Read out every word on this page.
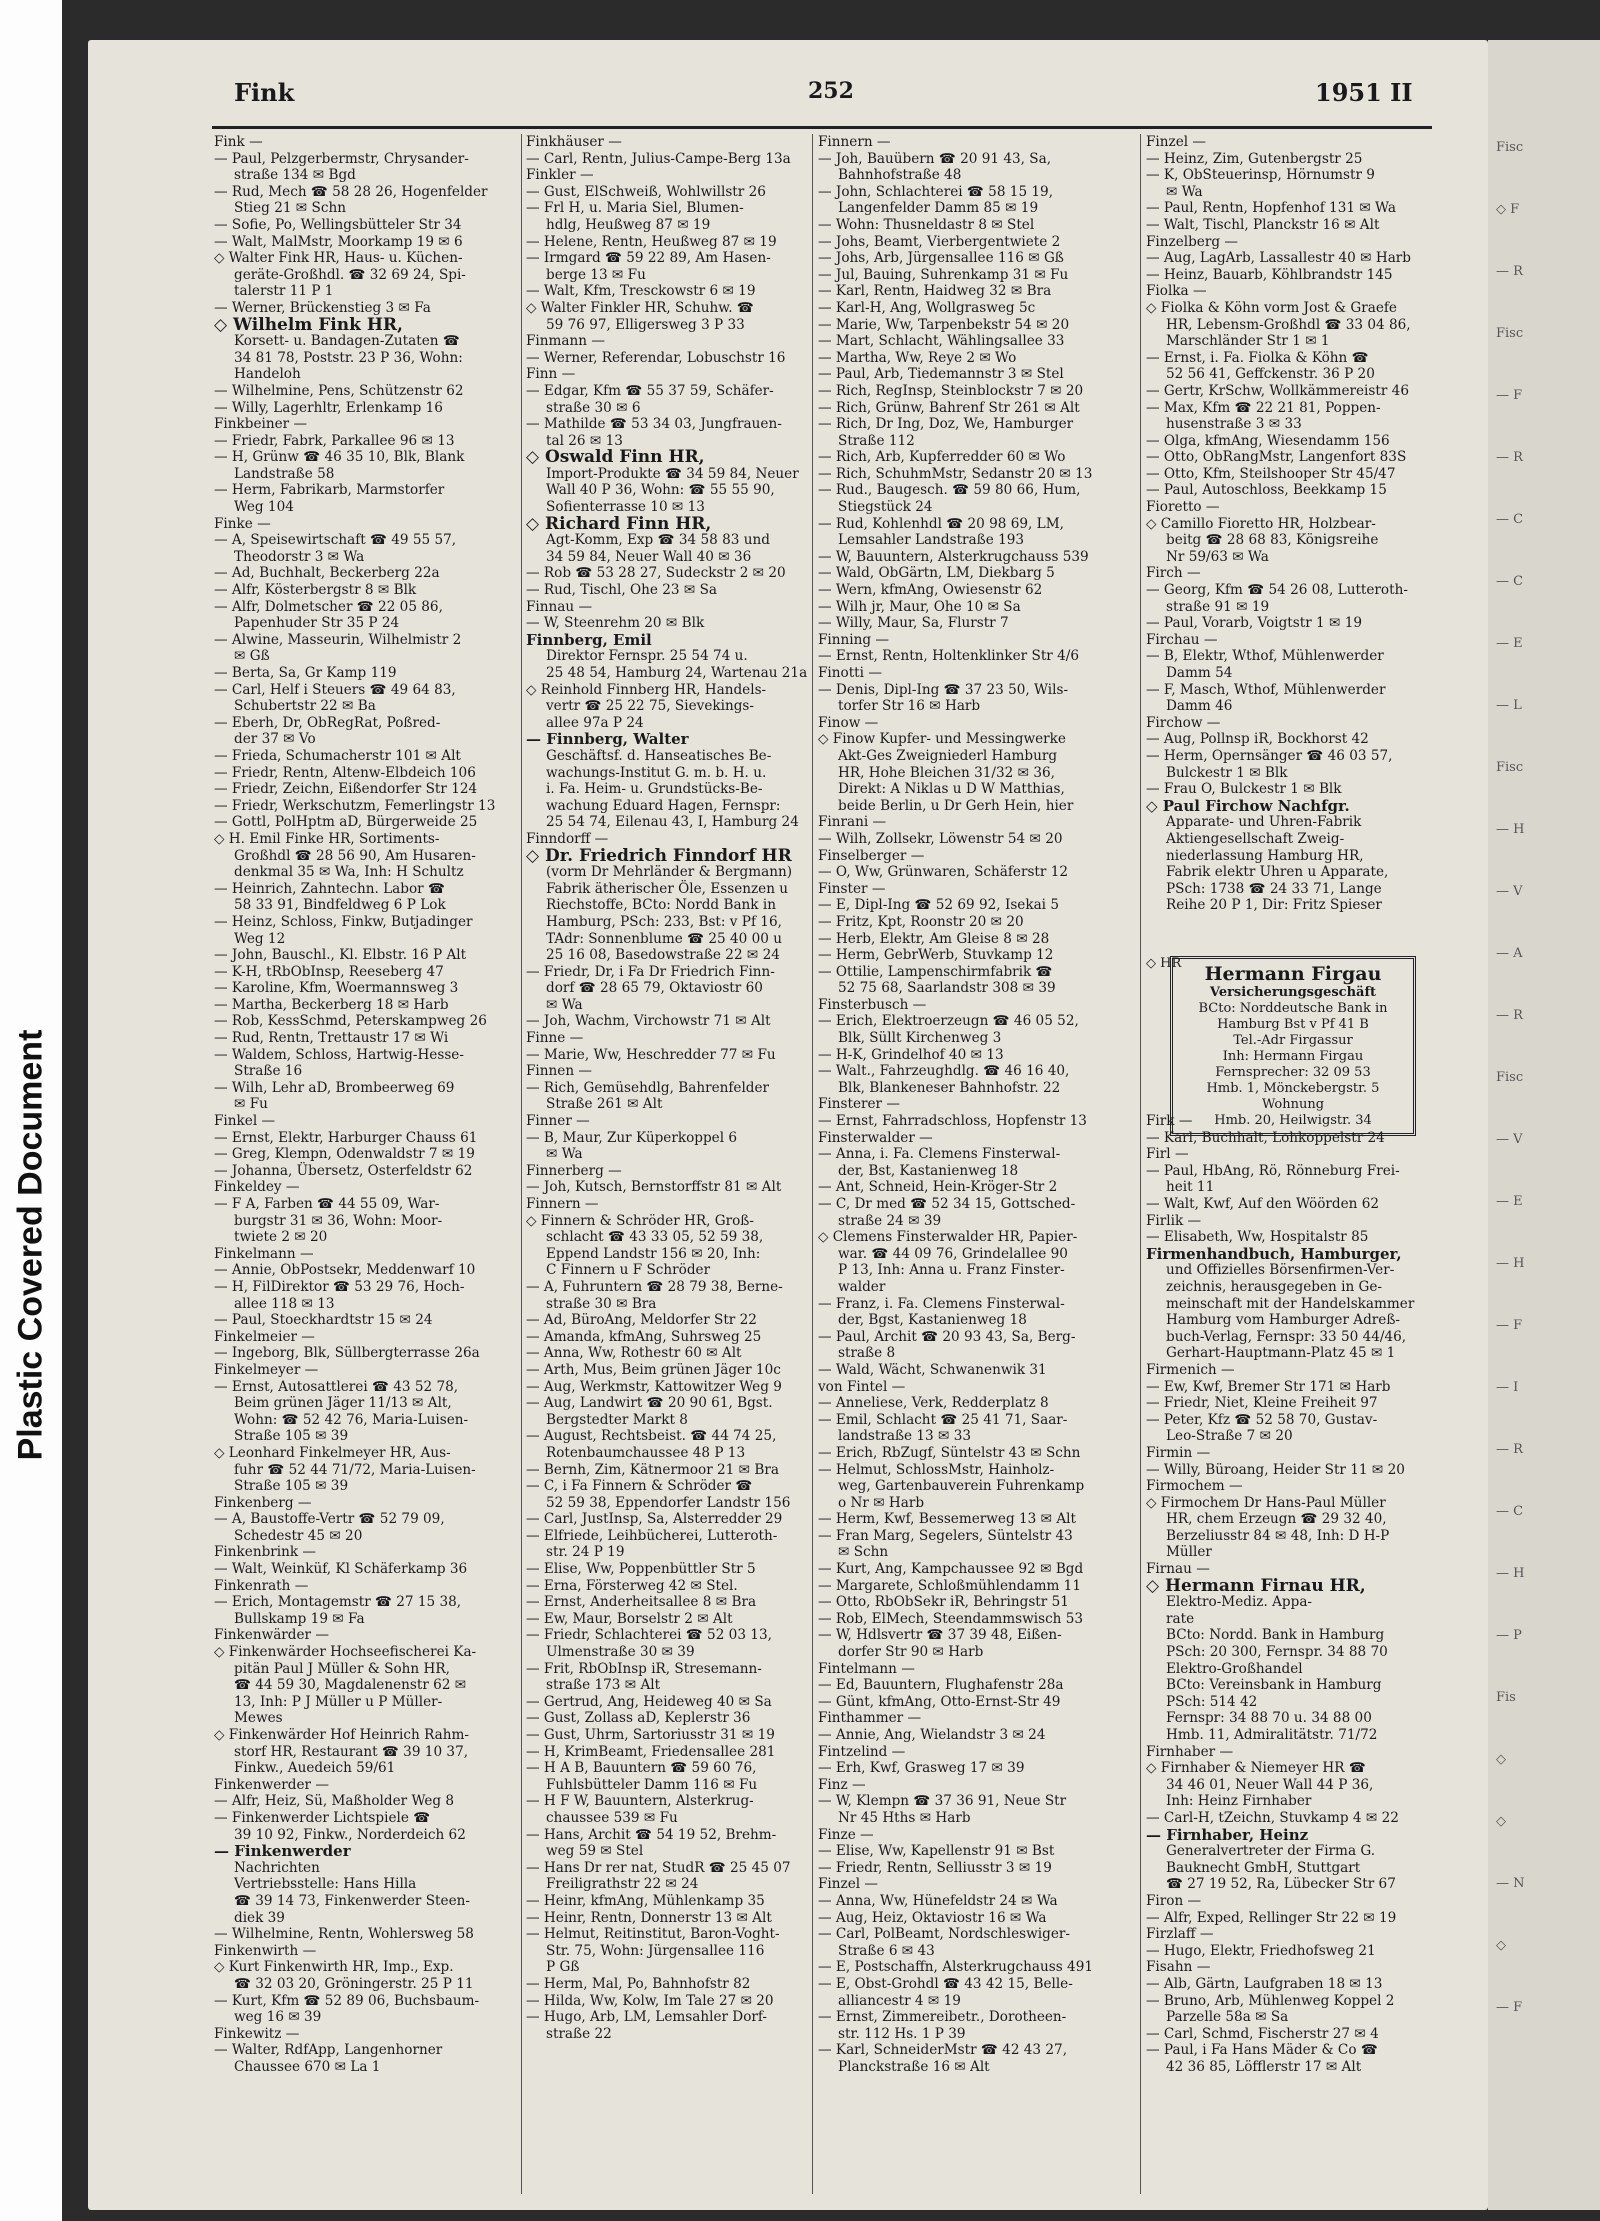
Plastic Covered Document
Fisc
◇ F
— R
Fisc
— F
— R
— C
— C
— E
— L
Fisc
— H
— V
— A
— R
Fisc
— V
— E
— H
— F
— I
— R
— C
— H
— P
Fis
◇
◇
— N
◇
— F
Fink	252	1951 II
Fink —
— Paul, Pelzgerbermstr, Chrysander-
straße 134 ✉ Bgd
— Rud, Mech ☎ 58 28 26, Hogenfelder
Stieg 21 ✉ Schn
— Sofie, Po, Wellingsbütteler Str 34
— Walt, MalMstr, Moorkamp 19 ✉ 6
◇ Walter Fink HR, Haus- u. Küchen-
geräte-Großhdl. ☎ 32 69 24, Spi-
talerstr 11 P 1
— Werner, Brückenstieg 3 ✉ Fa
◇ Wilhelm Fink HR,
Korsett- u. Bandagen-Zutaten ☎
34 81 78, Poststr. 23 P 36, Wohn:
Handeloh
— Wilhelmine, Pens, Schützenstr 62
— Willy, Lagerhltr, Erlenkamp 16
Finkbeiner —
— Friedr, Fabrk, Parkallee 96 ✉ 13
— H, Grünw ☎ 46 35 10, Blk, Blank
Landstraße 58
— Herm, Fabrikarb, Marmstorfer
Weg 104
Finke —
— A, Speisewirtschaft ☎ 49 55 57,
Theodorstr 3 ✉ Wa
— Ad, Buchhalt, Beckerberg 22a
— Alfr, Kösterbergstr 8 ✉ Blk
— Alfr, Dolmetscher ☎ 22 05 86,
Papenhuder Str 35 P 24
— Alwine, Masseurin, Wilhelmistr 2
✉ Gß
— Berta, Sa, Gr Kamp 119
— Carl, Helf i Steuers ☎ 49 64 83,
Schubertstr 22 ✉ Ba
— Eberh, Dr, ObRegRat, Poßred-
der 37 ✉ Vo
— Frieda, Schumacherstr 101 ✉ Alt
— Friedr, Rentn, Altenw-Elbdeich 106
— Friedr, Zeichn, Eißendorfer Str 124
— Friedr, Werkschutzm, Femerlingstr 13
— Gottl, PolHptm aD, Bürgerweide 25
◇ H. Emil Finke HR, Sortiments-
Großhdl ☎ 28 56 90, Am Husaren-
denkmal 35 ✉ Wa, Inh: H Schultz
— Heinrich, Zahntechn. Labor ☎
58 33 91, Bindfeldweg 6 P Lok
— Heinz, Schloss, Finkw, Butjadinger
Weg 12
— John, Bauschl., Kl. Elbstr. 16 P Alt
— K-H, tRbObInsp, Reeseberg 47
— Karoline, Kfm, Woermannsweg 3
— Martha, Beckerberg 18 ✉ Harb
— Rob, KessSchmd, Peterskampweg 26
— Rud, Rentn, Trettaustr 17 ✉ Wi
— Waldem, Schloss, Hartwig-Hesse-
Straße 16
— Wilh, Lehr aD, Brombeerweg 69
✉ Fu
Finkel —
— Ernst, Elektr, Harburger Chauss 61
— Greg, Klempn, Odenwaldstr 7 ✉ 19
— Johanna, Übersetz, Osterfeldstr 62
Finkeldey —
— F A, Farben ☎ 44 55 09, War-
burgstr 31 ✉ 36, Wohn: Moor-
twiete 2 ✉ 20
Finkelmann —
— Annie, ObPostsekr, Meddenwarf 10
— H, FilDirektor ☎ 53 29 76, Hoch-
allee 118 ✉ 13
— Paul, Stoeckhardtstr 15 ✉ 24
Finkelmeier —
— Ingeborg, Blk, Süllbergterrasse 26a
Finkelmeyer —
— Ernst, Autosattlerei ☎ 43 52 78,
Beim grünen Jäger 11/13 ✉ Alt,
Wohn: ☎ 52 42 76, Maria-Luisen-
Straße 105 ✉ 39
◇ Leonhard Finkelmeyer HR, Aus-
fuhr ☎ 52 44 71/72, Maria-Luisen-
Straße 105 ✉ 39
Finkenberg —
— A, Baustoffe-Vertr ☎ 52 79 09,
Schedestr 45 ✉ 20
Finkenbrink —
— Walt, Weinküf, Kl Schäferkamp 36
Finkenrath —
— Erich, Montagemstr ☎ 27 15 38,
Bullskamp 19 ✉ Fa
Finkenwärder —
◇ Finkenwärder Hochseefischerei Ka-
pitän Paul J Müller & Sohn HR,
☎ 44 59 30, Magdalenenstr 62 ✉
13, Inh: P J Müller u P Müller-
Mewes
◇ Finkenwärder Hof Heinrich Rahm-
storf HR, Restaurant ☎ 39 10 37,
Finkw., Auedeich 59/61
Finkenwerder —
— Alfr, Heiz, Sü, Maßholder Weg 8
— Finkenwerder Lichtspiele ☎
39 10 92, Finkw., Norderdeich 62
— Finkenwerder
Nachrichten
Vertriebsstelle: Hans Hilla
☎ 39 14 73, Finkenwerder Steen-
diek 39
— Wilhelmine, Rentn, Wohlersweg 58
Finkenwirth —
◇ Kurt Finkenwirth HR, Imp., Exp.
☎ 32 03 20, Gröningerstr. 25 P 11
— Kurt, Kfm ☎ 52 89 06, Buchsbaum-
weg 16 ✉ 39
Finkewitz —
— Walter, RdfApp, Langenhorner
Chaussee 670 ✉ La 1
Finkhäuser —
— Carl, Rentn, Julius-Campe-Berg 13a
Finkler —
— Gust, ElSchweiß, Wohlwillstr 26
— Frl H, u. Maria Siel, Blumen-
hdlg, Heußweg 87 ✉ 19
— Helene, Rentn, Heußweg 87 ✉ 19
— Irmgard ☎ 59 22 89, Am Hasen-
berge 13 ✉ Fu
— Walt, Kfm, Tresckowstr 6 ✉ 19
◇ Walter Finkler HR, Schuhw. ☎
59 76 97, Elligersweg 3 P 33
Finmann —
— Werner, Referendar, Lobuschstr 16
Finn —
— Edgar, Kfm ☎ 55 37 59, Schäfer-
straße 30 ✉ 6
— Mathilde ☎ 53 34 03, Jungfrauen-
tal 26 ✉ 13
◇ Oswald Finn HR,
Import-Produkte ☎ 34 59 84, Neuer
Wall 40 P 36, Wohn: ☎ 55 55 90,
Sofienterrasse 10 ✉ 13
◇ Richard Finn HR,
Agt-Komm, Exp ☎ 34 58 83 und
34 59 84, Neuer Wall 40 ✉ 36
— Rob ☎ 53 28 27, Sudeckstr 2 ✉ 20
— Rud, Tischl, Ohe 23 ✉ Sa
Finnau —
— W, Steenrehm 20 ✉ Blk
Finnberg, Emil
Direktor Fernspr. 25 54 74 u.
25 48 54, Hamburg 24, Wartenau 21a
◇ Reinhold Finnberg HR, Handels-
vertr ☎ 25 22 75, Sievekings-
allee 97a P 24
— Finnberg, Walter
Geschäftsf. d. Hanseatisches Be-
wachungs-Institut G. m. b. H. u.
i. Fa. Heim- u. Grundstücks-Be-
wachung Eduard Hagen, Fernspr:
25 54 74, Eilenau 43, I, Hamburg 24
Finndorff —
◇ Dr. Friedrich Finndorf HR
(vorm Dr Mehrländer & Bergmann)
Fabrik ätherischer Öle, Essenzen u
Riechstoffe, BCto: Nordd Bank in
Hamburg, PSch: 233, Bst: v Pf 16,
TAdr: Sonnenblume ☎ 25 40 00 u
25 16 08, Basedowstraße 22 ✉ 24
— Friedr, Dr, i Fa Dr Friedrich Finn-
dorf ☎ 28 65 79, Oktaviostr 60
✉ Wa
— Joh, Wachm, Virchowstr 71 ✉ Alt
Finne —
— Marie, Ww, Heschredder 77 ✉ Fu
Finnen —
— Rich, Gemüsehdlg, Bahrenfelder
Straße 261 ✉ Alt
Finner —
— B, Maur, Zur Küperkoppel 6
✉ Wa
Finnerberg —
— Joh, Kutsch, Bernstorffstr 81 ✉ Alt
Finnern —
◇ Finnern & Schröder HR, Groß-
schlacht ☎ 43 33 05, 52 59 38,
Eppend Landstr 156 ✉ 20, Inh:
C Finnern u F Schröder
— A, Fuhruntern ☎ 28 79 38, Berne-
straße 30 ✉ Bra
— Ad, BüroAng, Meldorfer Str 22
— Amanda, kfmAng, Suhrsweg 25
— Anna, Ww, Rothestr 60 ✉ Alt
— Arth, Mus, Beim grünen Jäger 10c
— Aug, Werkmstr, Kattowitzer Weg 9
— Aug, Landwirt ☎ 20 90 61, Bgst.
Bergstedter Markt 8
— August, Rechtsbeist. ☎ 44 74 25,
Rotenbaumchaussee 48 P 13
— Bernh, Zim, Kätnermoor 21 ✉ Bra
— C, i Fa Finnern & Schröder ☎
52 59 38, Eppendorfer Landstr 156
— Carl, JustInsp, Sa, Alsterredder 29
— Elfriede, Leihbücherei, Lutteroth-
str. 24 P 19
— Elise, Ww, Poppenbüttler Str 5
— Erna, Försterweg 42 ✉ Stel.
— Ernst, Anderheitsallee 8 ✉ Bra
— Ew, Maur, Borselstr 2 ✉ Alt
— Friedr, Schlachterei ☎ 52 03 13,
Ulmenstraße 30 ✉ 39
— Frit, RbObInsp iR, Stresemann-
straße 173 ✉ Alt
— Gertrud, Ang, Heideweg 40 ✉ Sa
— Gust, Zollass aD, Keplerstr 36
— Gust, Uhrm, Sartoriusstr 31 ✉ 19
— H, KrimBeamt, Friedensallee 281
— H A B, Bauuntern ☎ 59 60 76,
Fuhlsbütteler Damm 116 ✉ Fu
— H F W, Bauuntern, Alsterkrug-
chaussee 539 ✉ Fu
— Hans, Archit ☎ 54 19 52, Brehm-
weg 59 ✉ Stel
— Hans Dr rer nat, StudR ☎ 25 45 07
Freiligrathstr 22 ✉ 24
— Heinr, kfmAng, Mühlenkamp 35
— Heinr, Rentn, Donnerstr 13 ✉ Alt
— Helmut, Reitinstitut, Baron-Voght-
Str. 75, Wohn: Jürgensallee 116
P Gß
— Herm, Mal, Po, Bahnhofstr 82
— Hilda, Ww, Kolw, Im Tale 27 ✉ 20
— Hugo, Arb, LM, Lemsahler Dorf-
straße 22
Finnern —
— Joh, Bauübern ☎ 20 91 43, Sa,
Bahnhofstraße 48
— John, Schlachterei ☎ 58 15 19,
Langenfelder Damm 85 ✉ 19
— Wohn: Thusneldastr 8 ✉ Stel
— Johs, Beamt, Vierbergentwiete 2
— Johs, Arb, Jürgensallee 116 ✉ Gß
— Jul, Bauing, Suhrenkamp 31 ✉ Fu
— Karl, Rentn, Haidweg 32 ✉ Bra
— Karl-H, Ang, Wollgrasweg 5c
— Marie, Ww, Tarpenbekstr 54 ✉ 20
— Mart, Schlacht, Wählingsallee 33
— Martha, Ww, Reye 2 ✉ Wo
— Paul, Arb, Tiedemannstr 3 ✉ Stel
— Rich, RegInsp, Steinblockstr 7 ✉ 20
— Rich, Grünw, Bahrenf Str 261 ✉ Alt
— Rich, Dr Ing, Doz, We, Hamburger
Straße 112
— Rich, Arb, Kupferredder 60 ✉ Wo
— Rich, SchuhmMstr, Sedanstr 20 ✉ 13
— Rud., Baugesch. ☎ 59 80 66, Hum,
Stiegstück 24
— Rud, Kohlenhdl ☎ 20 98 69, LM,
Lemsahler Landstraße 193
— W, Bauuntern, Alsterkrugchauss 539
— Wald, ObGärtn, LM, Diekbarg 5
— Wern, kfmAng, Owiesenstr 62
— Wilh jr, Maur, Ohe 10 ✉ Sa
— Willy, Maur, Sa, Flurstr 7
Finning —
— Ernst, Rentn, Holtenklinker Str 4/6
Finotti —
— Denis, Dipl-Ing ☎ 37 23 50, Wils-
torfer Str 16 ✉ Harb
Finow —
◇ Finow Kupfer- und Messingwerke
Akt-Ges Zweigniederl Hamburg
HR, Hohe Bleichen 31/32 ✉ 36,
Direkt: A Niklas u D W Matthias,
beide Berlin, u Dr Gerh Hein, hier
Finrani —
— Wilh, Zollsekr, Löwenstr 54 ✉ 20
Finselberger —
— O, Ww, Grünwaren, Schäferstr 12
Finster —
— E, Dipl-Ing ☎ 52 69 92, Isekai 5
— Fritz, Kpt, Roonstr 20 ✉ 20
— Herb, Elektr, Am Gleise 8 ✉ 28
— Herm, GebrWerb, Stuvkamp 12
— Ottilie, Lampenschirmfabrik ☎
52 75 68, Saarlandstr 308 ✉ 39
Finsterbusch —
— Erich, Elektroerzeugn ☎ 46 05 52,
Blk, Süllt Kirchenweg 3
— H-K, Grindelhof 40 ✉ 13
— Walt., Fahrzeughdlg. ☎ 46 16 40,
Blk, Blankeneser Bahnhofstr. 22
Finsterer —
— Ernst, Fahrradschloss, Hopfenstr 13
Finsterwalder —
— Anna, i. Fa. Clemens Finsterwal-
der, Bst, Kastanienweg 18
— Ant, Schneid, Hein-Kröger-Str 2
— C, Dr med ☎ 52 34 15, Gottsched-
straße 24 ✉ 39
◇ Clemens Finsterwalder HR, Papier-
war. ☎ 44 09 76, Grindelallee 90
P 13, Inh: Anna u. Franz Finster-
walder
— Franz, i. Fa. Clemens Finsterwal-
der, Bgst, Kastanienweg 18
— Paul, Archit ☎ 20 93 43, Sa, Berg-
straße 8
— Wald, Wächt, Schwanenwik 31
von Fintel —
— Anneliese, Verk, Redderplatz 8
— Emil, Schlacht ☎ 25 41 71, Saar-
landstraße 13 ✉ 33
— Erich, RbZugf, Süntelstr 43 ✉ Schn
— Helmut, SchlossMstr, Hainholz-
weg, Gartenbauverein Fuhrenkamp
o Nr ✉ Harb
— Herm, Kwf, Bessemerweg 13 ✉ Alt
— Fran Marg, Segelers, Süntelstr 43
✉ Schn
— Kurt, Ang, Kampchaussee 92 ✉ Bgd
— Margarete, Schloßmühlendamm 11
— Otto, RbObSekr iR, Behringstr 51
— Rob, ElMech, Steendammswisch 53
— W, Hdlsvertr ☎ 37 39 48, Eißen-
dorfer Str 90 ✉ Harb
Fintelmann —
— Ed, Bauuntern, Flughafenstr 28a
— Günt, kfmAng, Otto-Ernst-Str 49
Finthammer —
— Annie, Ang, Wielandstr 3 ✉ 24
Fintzelind —
— Erh, Kwf, Grasweg 17 ✉ 39
Finz —
— W, Klempn ☎ 37 36 91, Neue Str
Nr 45 Hths ✉ Harb
Finze —
— Elise, Ww, Kapellenstr 91 ✉ Bst
— Friedr, Rentn, Selliusstr 3 ✉ 19
Finzel —
— Anna, Ww, Hünefeldstr 24 ✉ Wa
— Aug, Heiz, Oktaviostr 16 ✉ Wa
— Carl, PolBeamt, Nordschleswiger-
Straße 6 ✉ 43
— E, Postschaffn, Alsterkrugchauss 491
— E, Obst-Grohdl ☎ 43 42 15, Belle-
alliancestr 4 ✉ 19
— Ernst, Zimmereibetr., Dorotheen-
str. 112 Hs. 1 P 39
— Karl, SchneiderMstr ☎ 42 43 27,
Planckstraße 16 ✉ Alt
Finzel —
— Heinz, Zim, Gutenbergstr 25
— K, ObSteuerinsp, Hörnumstr 9
✉ Wa
— Paul, Rentn, Hopfenhof 131 ✉ Wa
— Walt, Tischl, Planckstr 16 ✉ Alt
Finzelberg —
— Aug, LagArb, Lassallestr 40 ✉ Harb
— Heinz, Bauarb, Köhlbrandstr 145
Fiolka —
◇ Fiolka & Köhn vorm Jost & Graefe
HR, Lebensm-Großhdl ☎ 33 04 86,
Marschländer Str 1 ✉ 1
— Ernst, i. Fa. Fiolka & Köhn ☎
52 56 41, Geffckenstr. 36 P 20
— Gertr, KrSchw, Wollkämmereistr 46
— Max, Kfm ☎ 22 21 81, Poppen-
husenstraße 3 ✉ 33
— Olga, kfmAng, Wiesendamm 156
— Otto, ObRangMstr, Langenfort 83S
— Otto, Kfm, Steilshooper Str 45/47
— Paul, Autoschloss, Beekkamp 15
Fioretto —
◇ Camillo Fioretto HR, Holzbear-
beitg ☎ 28 68 83, Königsreihe
Nr 59/63 ✉ Wa
Firch —
— Georg, Kfm ☎ 54 26 08, Lutteroth-
straße 91 ✉ 19
— Paul, Vorarb, Voigtstr 1 ✉ 19
Firchau —
— B, Elektr, Wthof, Mühlenwerder
Damm 54
— F, Masch, Wthof, Mühlenwerder
Damm 46
Firchow —
— Aug, Pollnsp iR, Bockhorst 42
— Herm, Opernsänger ☎ 46 03 57,
Bulckestr 1 ✉ Blk
— Frau O, Bulckestr 1 ✉ Blk
◇ Paul Firchow Nachfgr.
Apparate- und Uhren-Fabrik
Aktiengesellschaft Zweig-
niederlassung Hamburg HR,
Fabrik elektr Uhren u Apparate,
PSch: 1738 ☎ 24 33 71, Lange
Reihe 20 P 1, Dir: Fritz Spieser

Firk —
— Karl, Buchhalt, Lohkoppelstr 24
Firl —
— Paul, HbAng, Rö, Rönneburg Frei-
heit 11
— Walt, Kwf, Auf den Wöörden 62
Firlik —
— Elisabeth, Ww, Hospitalstr 85
Firmenhandbuch, Hamburger,
und Offizielles Börsenfirmen-Ver-
zeichnis, herausgegeben in Ge-
meinschaft mit der Handelskammer
Hamburg vom Hamburger Adreß-
buch-Verlag, Fernspr: 33 50 44/46,
Gerhart-Hauptmann-Platz 45 ✉ 1
Firmenich —
— Ew, Kwf, Bremer Str 171 ✉ Harb
— Friedr, Niet, Kleine Freiheit 97
— Peter, Kfz ☎ 52 58 70, Gustav-
Leo-Straße 7 ✉ 20
Firmin —
— Willy, Büroang, Heider Str 11 ✉ 20
Firmochem —
◇ Firmochem Dr Hans-Paul Müller
HR, chem Erzeugn ☎ 29 32 40,
Berzeliusstr 84 ✉ 48, Inh: D H-P
Müller
Firnau —
◇ Hermann Firnau HR,
Elektro-Mediz. Appa-
rate
BCto: Nordd. Bank in Hamburg
PSch: 20 300, Fernspr. 34 88 70
Elektro-Großhandel
BCto: Vereinsbank in Hamburg
PSch: 514 42
Fernspr: 34 88 70 u. 34 88 00
Hmb. 11, Admiralitätstr. 71/72
Firnhaber —
◇ Firnhaber & Niemeyer HR ☎
34 46 01, Neuer Wall 44 P 36,
Inh: Heinz Firnhaber
— Carl-H, tZeichn, Stuvkamp 4 ✉ 22
— Firnhaber, Heinz
Generalvertreter der Firma G.
Bauknecht GmbH, Stuttgart
☎ 27 19 52, Ra, Lübecker Str 67
Firon —
— Alfr, Exped, Rellinger Str 22 ✉ 19
Firzlaff —
— Hugo, Elektr, Friedhofsweg 21
Fisahn —
— Alb, Gärtn, Laufgraben 18 ✉ 13
— Bruno, Arb, Mühlenweg Koppel 2
Parzelle 58a ✉ Sa
— Carl, Schmd, Fischerstr 27 ✉ 4
— Paul, i Fa Hans Mäder & Co ☎
42 36 85, Löfflerstr 17 ✉ Alt
Hermann Firgau
Versicherungsgeschäft
BCto: Norddeutsche Bank in
Hamburg Bst v Pf 41 B
Tel.-Adr Firgassur
Inh: Hermann Firgau
Fernsprecher: 32 09 53
Hmb. 1, Mönckebergstr. 5
Wohnung
Hmb. 20, Heilwigstr. 34
◇ HR
